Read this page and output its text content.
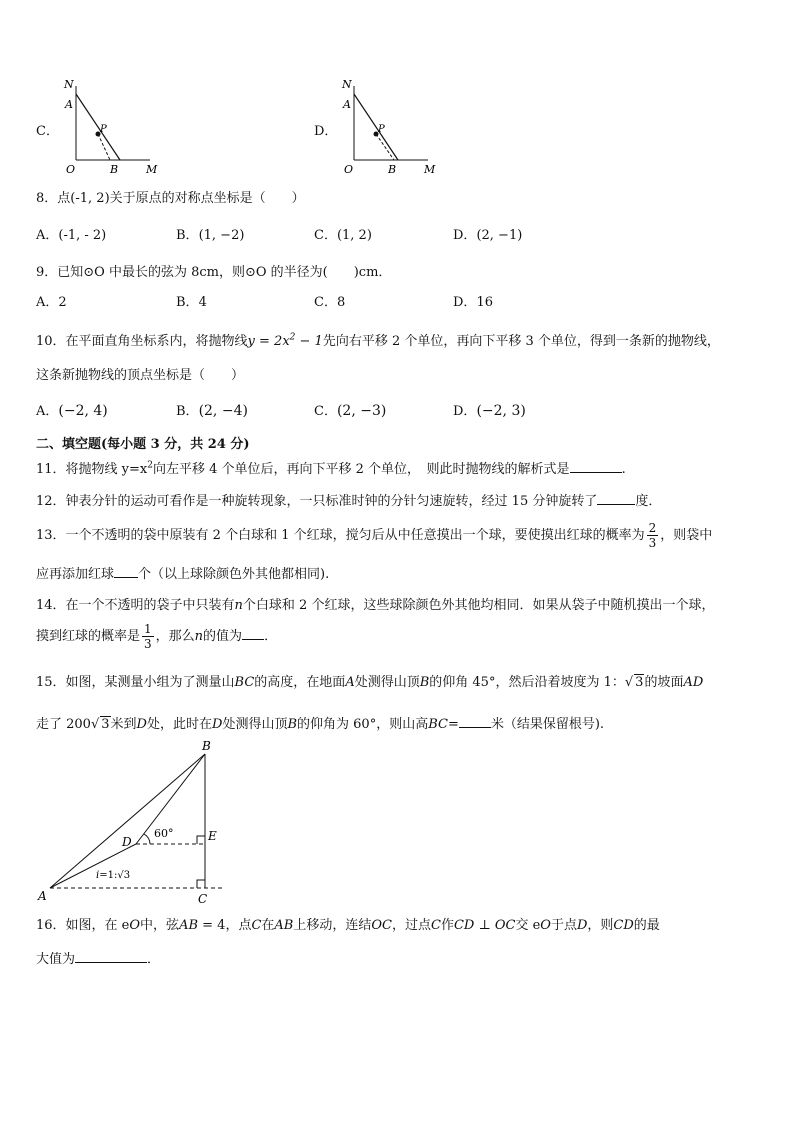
C．
N
A
P
O	B	M
D．
N
A
P
O	B	M
8．点(-1, 2)关于原点的对称点坐标是（　　）
A．(-1, - 2)	B．(1, −2)	C．(1, 2)	D．(2, −1)
9．已知⊙O 中最长的弦为 8cm，则⊙O 的半径为(　　)cm．
A．2	B．4	C．8	D．16
10．在平面直角坐标系内，将抛物线$y = 2x^2 - 1$先向右平移 2 个单位，再向下平移 3 个单位，得到一条新的抛物线，
这条新抛物线的顶点坐标是（　　）
A．(−2, 4)	B．(2, −4)	C．(2, −3)	D．(−2, 3)
二、填空题(每小题 3 分，共 24 分)
11．将抛物线 $y=x^2$向左平移 4 个单位后，再向下平移 2 个单位，　则此时抛物线的解析式是	.
12．钟表分针的运动可看作是一种旋转现象，一只标准时钟的分针匀速旋转，经过 15 分钟旋转了	度．
13．一个不透明的袋中原装有 2 个白球和 1 个红球，搅匀后从中任意摸出一个球，要使摸出红球的概率为 $\frac{2}{3}$ ，则袋中
应再添加红球 个（以上球除颜色外其他都相同).
14．在一个不透明的袋子中只装有n个白球和 2 个红球，这些球除颜色外其他均相同．如果从袋子中随机摸出一个球，
摸到红球的概率是 $\frac{1}{3}$ ，那么n的值为 ．
15．如图，某测量小组为了测量山BC的高度，在地面A处测得山顶B的仰角 45°，然后沿着坡度为 1：√ 3的坡面AD
走了 200√ 3米到D处，此时在D处测得山顶B的仰角为 60°，则山高BC= 米（结果保留根号).
B
D	E
A	C
60°
i=1:√3
16．如图，在 eO中，弦AB = 4，点C在AB上移动，连结OC，过点C作CD ⊥ OC交 eO于点D，则CD的最
大值为	．
